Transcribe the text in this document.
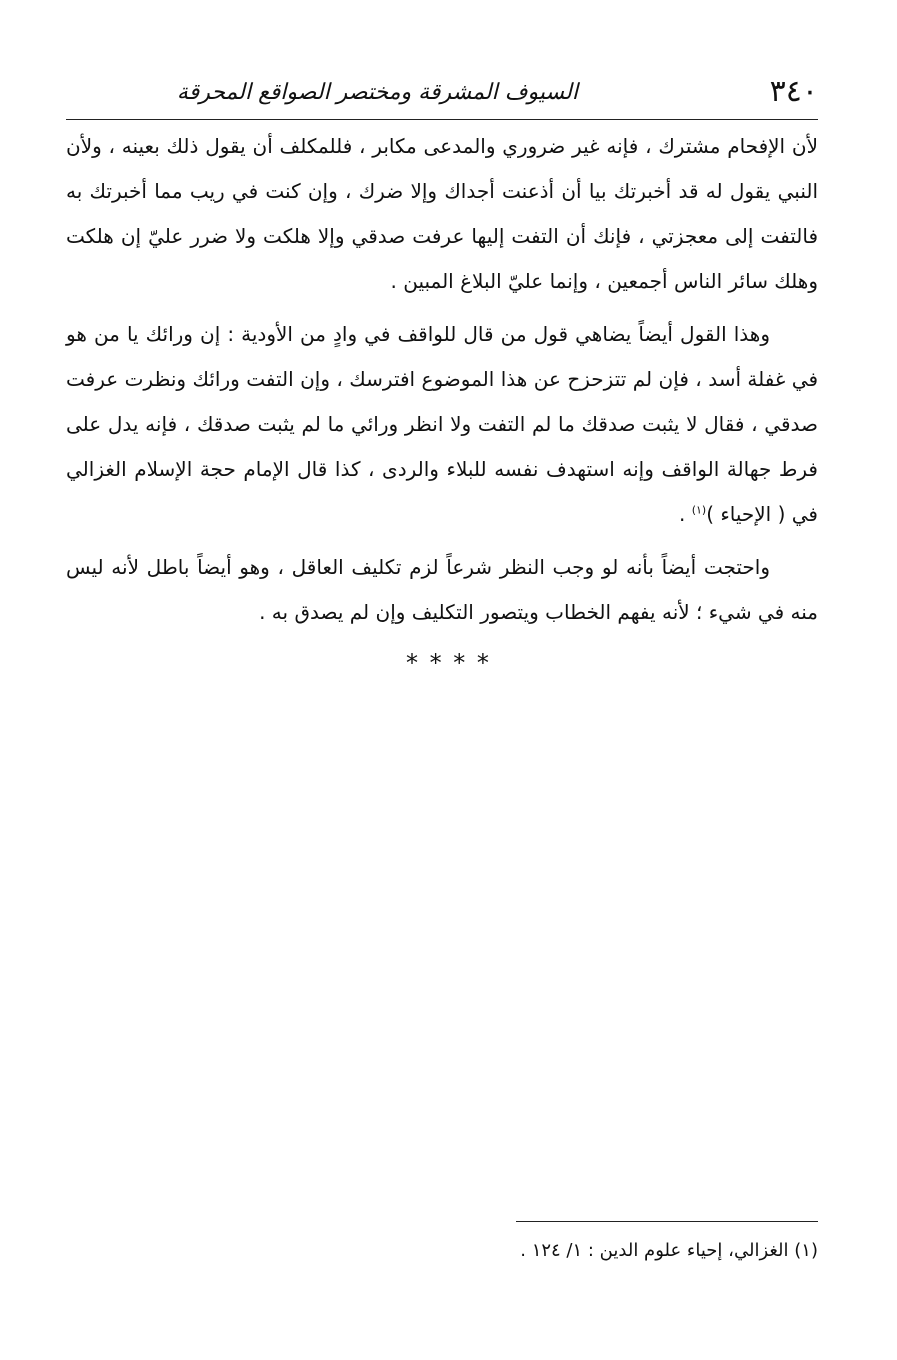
٣٤٠
السيوف المشرقة ومختصر الصواقع المحرقة

لأن الإفحام مشترك ، فإنه غير ضروري والمدعى مكابر ، فللمكلف أن يقول ذلك بعينه ، ولأن النبي يقول له قد أخبرتك بيا أن أذعنت أجداك وإلا ضرك ، وإن كنت في ريب مما أخبرتك به فالتفت إلى معجزتي ، فإنك أن التفت إليها عرفت صدقي وإلا هلكت ولا ضرر عليّ إن هلكت وهلك سائر الناس أجمعين ، وإنما عليّ البلاغ المبين .

وهذا القول أيضاً يضاهي قول من قال للواقف في وادٍ من الأودية : إن ورائك يا من هو في غفلة أسد ، فإن لم تتزحزح عن هذا الموضوع افترسك ، وإن التفت ورائك ونظرت عرفت صدقي ، فقال لا يثبت صدقك ما لم التفت ولا انظر ورائي ما لم يثبت صدقك ، فإنه يدل على فرط جهالة الواقف وإنه استهدف نفسه للبلاء والردى ، كذا قال الإمام حجة الإسلام الغزالي في ( الإحياء )$^{(١)}$ .

واحتجت أيضاً بأنه لو وجب النظر شرعاً لزم تكليف العاقل ، وهو أيضاً باطل لأنه ليس منه في شيء ؛ لأنه يفهم الخطاب ويتصور التكليف وإن لم يصدق به .

* * * *
(١) الغزالي، إحياء علوم الدين : ١/ ١٢٤ .
